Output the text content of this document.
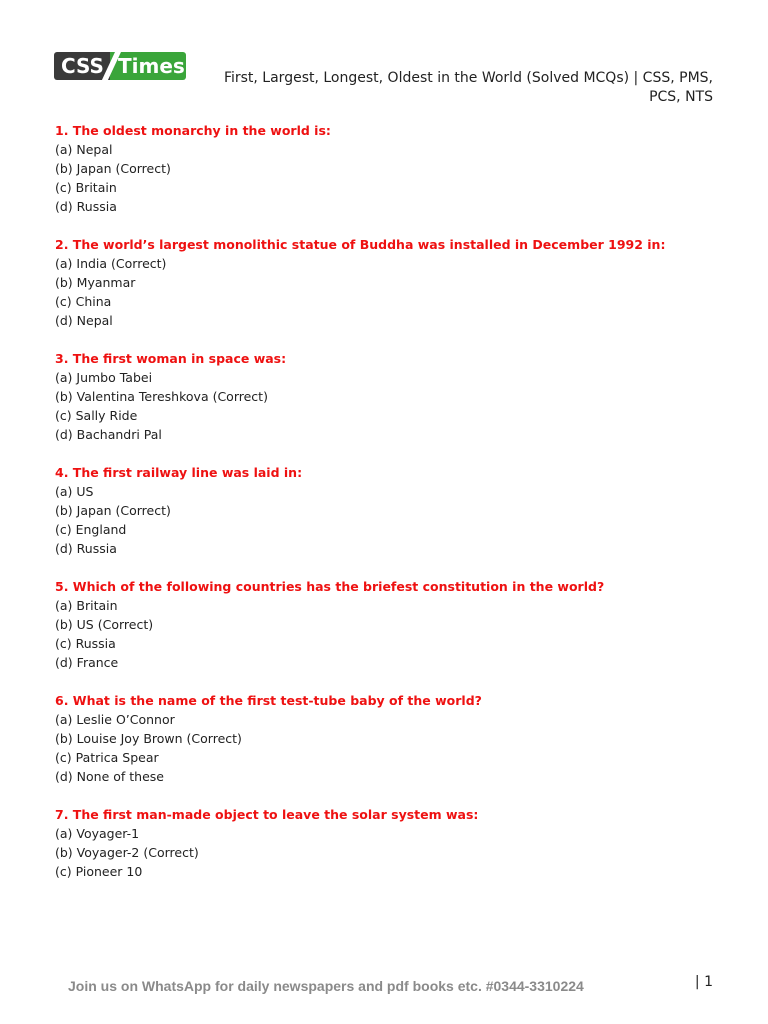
CSS Times	First, Largest, Longest, Oldest in the World (Solved MCQs) | CSS, PMS,
PCS, NTS
1. The oldest monarchy in the world is:
(a) Nepal
(b) Japan (Correct)
(c) Britain
(d) Russia
2. The world’s largest monolithic statue of Buddha was installed in December 1992 in:
(a) India (Correct)
(b) Myanmar
(c) China
(d) Nepal
3. The first woman in space was:
(a) Jumbo Tabei
(b) Valentina Tereshkova (Correct)
(c) Sally Ride
(d) Bachandri Pal
4. The first railway line was laid in:
(a) US
(b) Japan (Correct)
(c) England
(d) Russia
5. Which of the following countries has the briefest constitution in the world?
(a) Britain
(b) US (Correct)
(c) Russia
(d) France
6. What is the name of the first test-tube baby of the world?
(a) Leslie O’Connor
(b) Louise Joy Brown (Correct)
(c) Patrica Spear
(d) None of these
7. The first man-made object to leave the solar system was:
(a) Voyager-1
(b) Voyager-2 (Correct)
(c) Pioneer 10
Join us on WhatsApp for daily newspapers and pdf books etc. #0344-3310224	| 1
